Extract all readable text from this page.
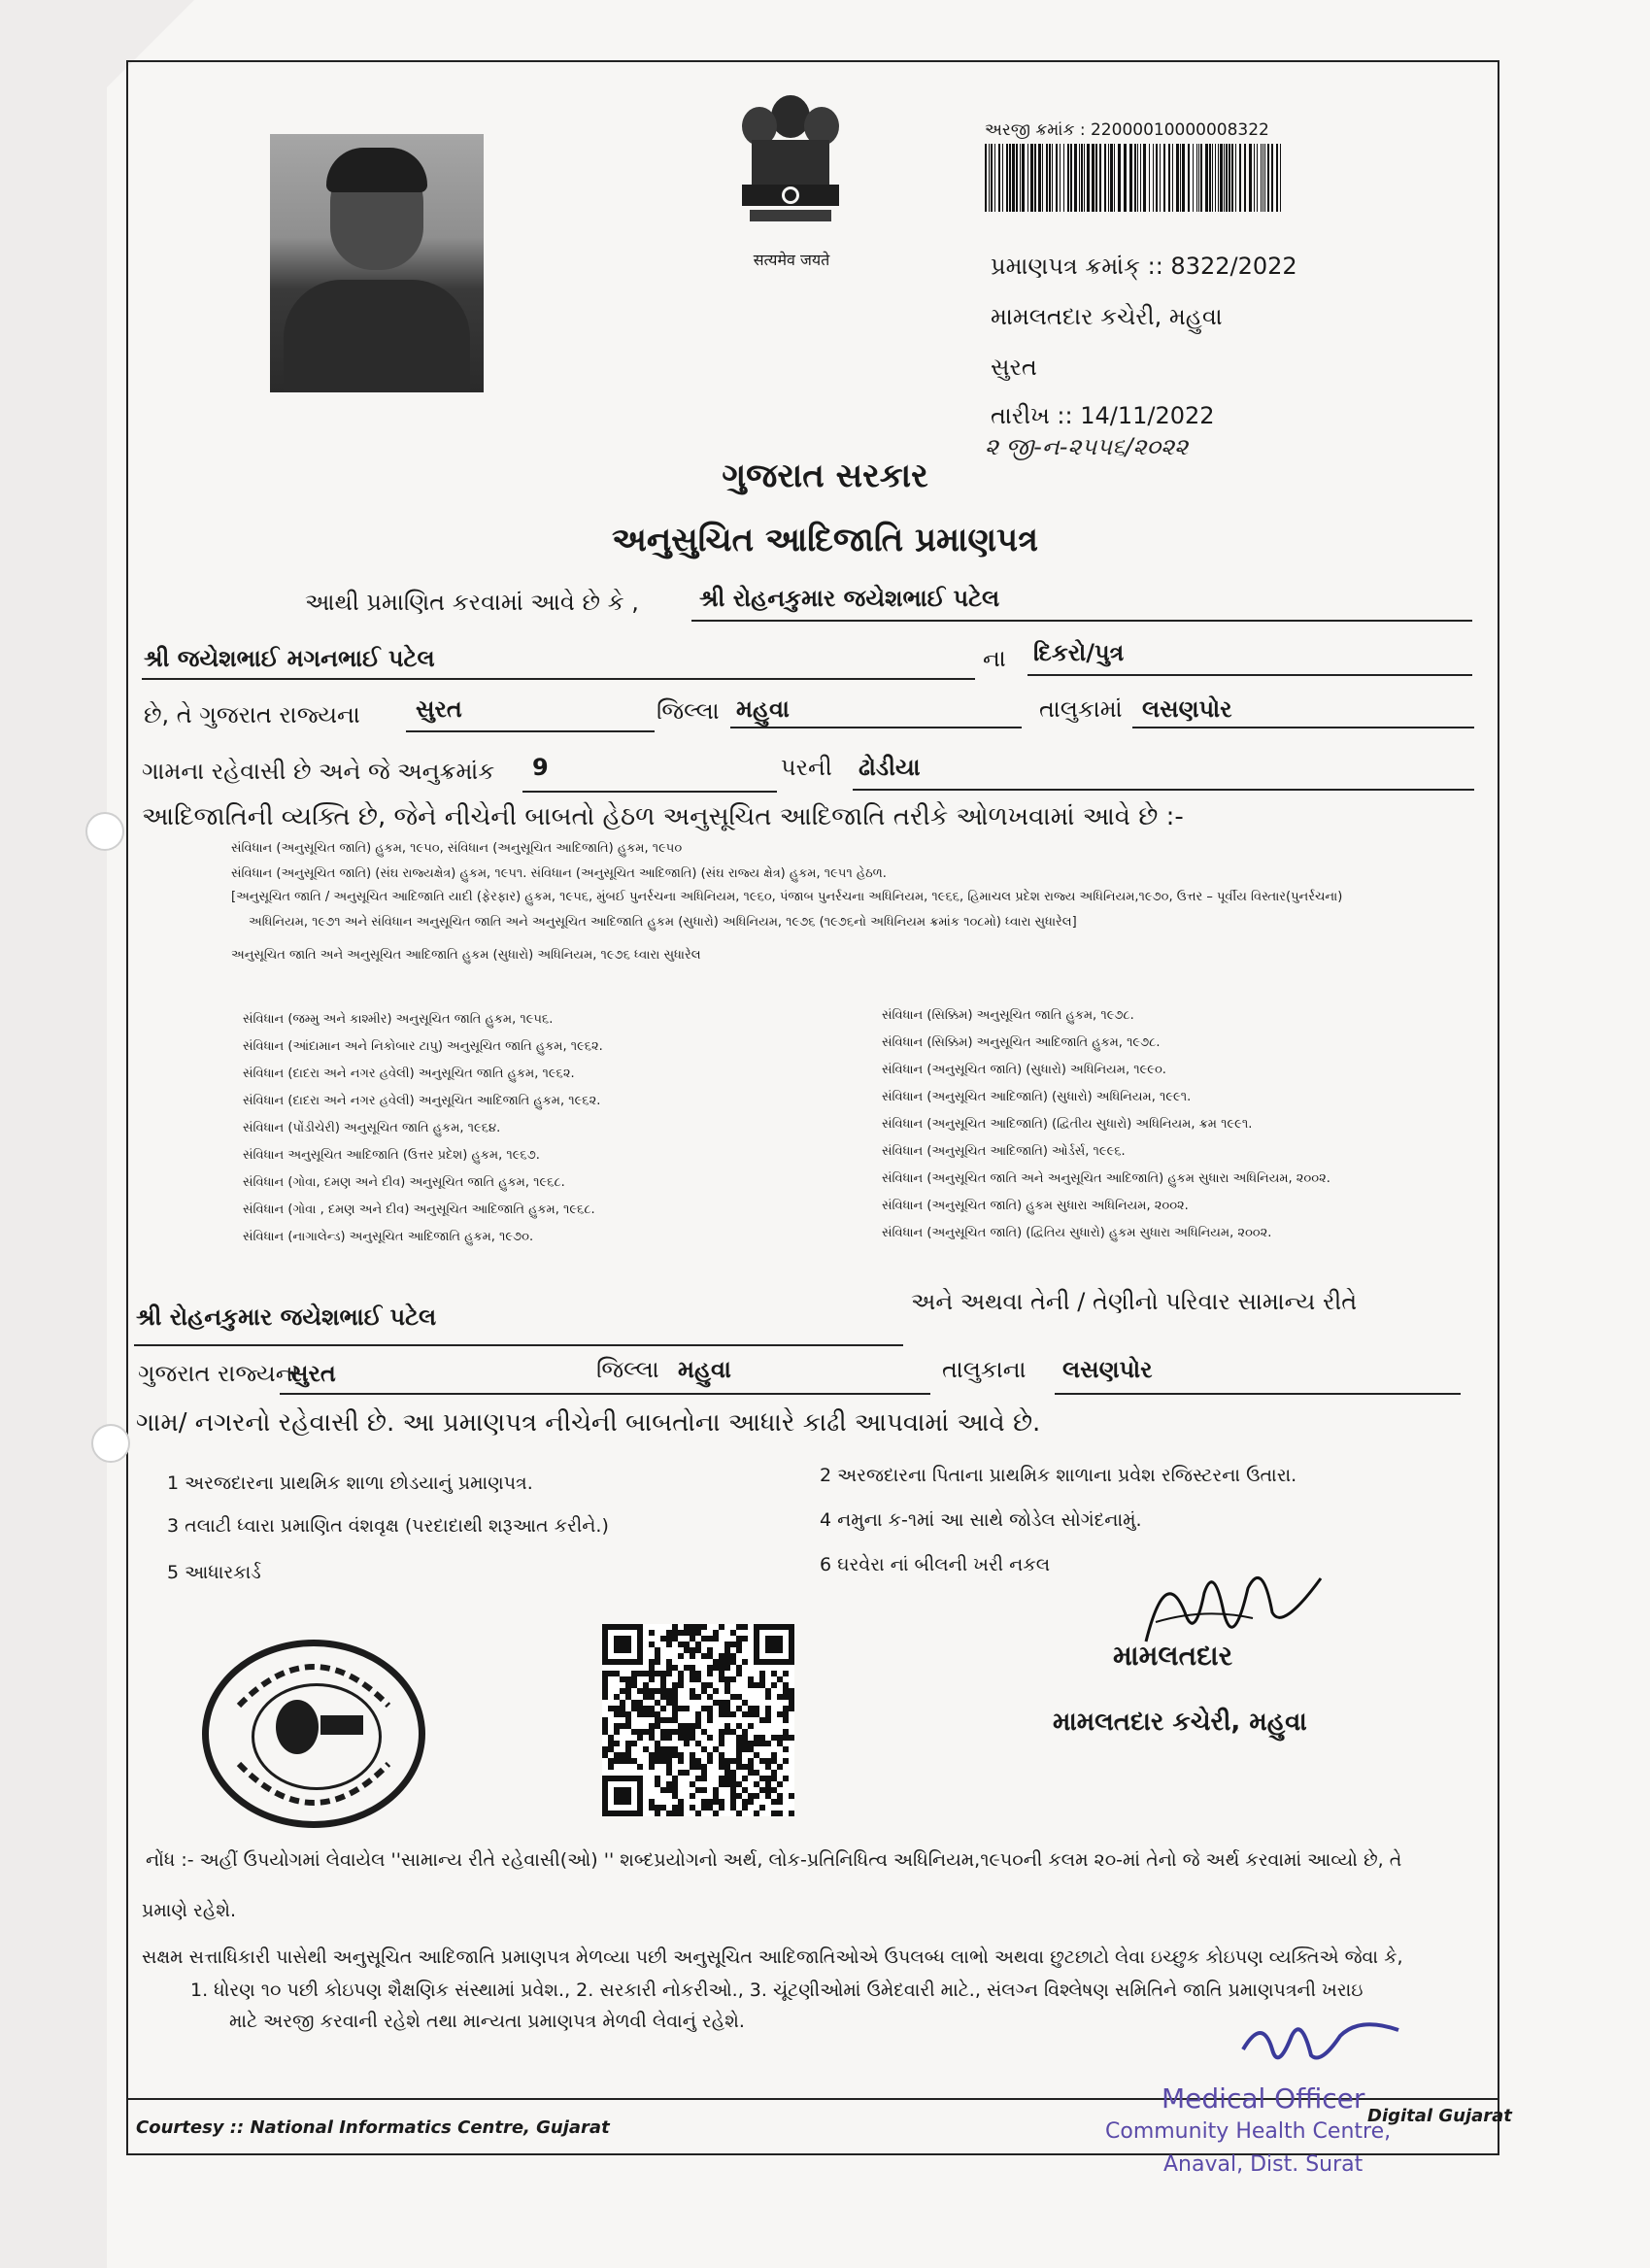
सत्यमेव जयते
અરજી ક્રમાંક : 22000010000008322
પ્રમાણપત્ર ક્રમાંક્ :: 8322/2022
મામલતદાર કચેરી, મહુવા
સુરત
તારીખ :: 14/11/2022
૨ જી-ન-૨૫૫૬/૨૦૨૨
ગુજરાત સરકાર
અનુસુચિત આદિજાતિ પ્રમાણપત્ર
આથી પ્રમાણિત કરવામાં આવે છે કે ,	શ્રી રોહનકુમાર જયેશભાઈ પટેલ
શ્રી જયેશભાઈ મગનભાઈ પટેલ	ના દિકરો/પુત્ર
છે, તે ગુજરાત રાજ્યના સુરત	જિલ્લા મહુવા	તાલુકામાં લસણપોર
ગામના રહેવાસી છે અને જે અનુક્રમાંક 9	પરની ઢોડીયા
આદિજાતિની વ્યક્તિ છે, જેને નીચેની બાબતો હેઠળ અનુસૂચિત આદિજાતિ તરીકે ઓળખવામાં આવે છે :-
સંવિધાન (અનુસૂચિત જાતિ) હુકમ, ૧૯૫૦, સંવિધાન (અનુસૂચિત આદિજાતિ) હુકમ, ૧૯૫૦
સંવિધાન (અનુસૂચિત જાતિ) (સંઘ રાજ્યક્ષેત્ર) હુકમ, ૧૯૫૧. સંવિધાન (અનુસૂચિત આદિજાતિ) (સંઘ રાજ્ય ક્ષેત્ર) હુકમ, ૧૯૫૧ હેઠળ.
[અનુસૂચિત જાતિ / અનુસૂચિત આદિજાતિ યાદી (ફેરફાર) હુકમ, ૧૯૫૬, મુંબઈ પુનર્રચના અધિનિયમ, ૧૯૬૦, પંજાબ પુનર્રચના અધિનિયમ, ૧૯૬૬, હિમાચલ પ્રદેશ રાજ્ય અધિનિયમ,૧૯૭૦, ઉત્તર – પૂર્વીય વિસ્તાર(પુનર્રચના)
અધિનિયમ, ૧૯૭૧ અને સંવિધાન અનુસૂચિત જાતિ અને અનુસૂચિત આદિજાતિ હુકમ (સુધારો) અધિનિયમ, ૧૯૭૬ (૧૯૭૬નો અધિનિયમ ક્રમાંક ૧૦૮મો) ધ્વારા સુધારેલ]
અનુસૂચિત જાતિ અને અનુસૂચિત આદિજાતિ હુકમ (સુધારો) અધિનિયમ, ૧૯૭૬ ધ્વારા સુધારેલ
સંવિધાન (જમ્મુ અને કાશ્મીર) અનુસૂચિત જાતિ હુકમ, ૧૯૫૬.
સંવિધાન (આંદામાન અને નિકોબાર ટાપુ) અનુસૂચિત જાતિ હુકમ, ૧૯૬૨.
સંવિધાન (દાદરા અને નગર હવેલી) અનુસૂચિત જાતિ હુકમ, ૧૯૬૨.
સંવિધાન (દાદરા અને નગર હવેલી) અનુસૂચિત આદિજાતિ હુકમ, ૧૯૬૨.
સંવિધાન (પોંડીચેરી) અનુસૂચિત જાતિ હુકમ, ૧૯૬૪.
સંવિધાન અનુસૂચિત આદિજાતિ (ઉત્તર પ્રદેશ) હુકમ, ૧૯૬૭.
સંવિધાન (ગોવા, દમણ અને દીવ) અનુસૂચિત જાતિ હુકમ, ૧૯૬૮.
સંવિધાન (ગોવા , દમણ અને દીવ) અનુસૂચિત આદિજાતિ હુકમ, ૧૯૬૮.
સંવિધાન (નાગાલેન્ડ) અનુસૂચિત આદિજાતિ હુકમ, ૧૯૭૦.
સંવિધાન (સિક્કિમ) અનુસૂચિત જાતિ હુકમ, ૧૯૭૮.
સંવિધાન (સિક્કિમ) અનુસૂચિત આદિજાતિ હુકમ, ૧૯૭૮.
સંવિધાન (અનુસૂચિત જાતિ) (સુધારો) અધિનિયમ, ૧૯૯૦.
સંવિધાન (અનુસૂચિત આદિજાતિ) (સુધારો) અધિનિયમ, ૧૯૯૧.
સંવિધાન (અનુસૂચિત આદિજાતિ) (દ્વિતીય સુધારો) અધિનિયમ, ક્રમ ૧૯૯૧.
સંવિધાન (અનુસૂચિત આદિજાતિ) ઓર્ડર્સ, ૧૯૯૬.
સંવિધાન (અનુસૂચિત જાતિ અને અનુસૂચિત આદિજાતિ) હુકમ સુધારા અધિનિયમ, ૨૦૦૨.
સંવિધાન (અનુસૂચિત જાતિ) હુકમ સુધારા અધિનિયમ, ૨૦૦૨.
સંવિધાન (અનુસૂચિત જાતિ) (દ્વિતિય સુધારો) હુકમ સુધારા અધિનિયમ, ૨૦૦૨.
શ્રી રોહનકુમાર જયેશભાઈ પટેલ
અને અથવા તેની / તેણીનો પરિવાર સામાન્ય રીતે
ગુજરાત રાજ્યના
સુરત	જિલ્લા મહુવા	તાલુકાના લસણપોર
ગામ/ નગરનો રહેવાસી છે. આ પ્રમાણપત્ર નીચેની બાબતોના આધારે કાઢી આપવામાં આવે છે.
1 અરજદારના પ્રાથમિક શાળા છોડયાનું પ્રમાણપત્ર.	2 અરજદારના પિતાના પ્રાથમિક શાળાના પ્રવેશ રજિસ્ટરના ઉતારા.
3 તલાટી ધ્વારા પ્રમાણિત વંશવૃક્ષ (પરદાદાથી શરૂઆત કરીને.)	4 નમુના ક-૧માં આ સાથે જોડેલ સોગંદનામું.
5 આધારકાર્ડ	6 ઘરવેરા નાં બીલની ખરી નકલ
મામલતદાર
મામલતદાર કચેરી, મહુવા
નોંધ :- અહીં ઉપયોગમાં લેવાયેલ ''સામાન્ય રીતે રહેવાસી(ઓ) '' શબ્દપ્રયોગનો અર્થ, લોક-પ્રતિનિધિત્વ અધિનિયમ,૧૯૫૦ની કલમ ૨૦-માં તેનો જે અર્થ કરવામાં આવ્યો છે, તે
પ્રમાણે રહેશે.
સક્ષમ સત્તાધિકારી પાસેથી અનુસૂચિત આદિજાતિ પ્રમાણપત્ર મેળવ્યા પછી અનુસૂચિત આદિજાતિઓએ ઉપલબ્ધ લાભો અથવા છુટછાટો લેવા ઇચ્છુક કોઇપણ વ્યક્તિએ જેવા કે,
1. ધોરણ ૧૦ પછી કોઇપણ શૈક્ષણિક સંસ્થામાં પ્રવેશ., 2. સરકારી નોકરીઓ., 3. ચૂંટણીઓમાં ઉમેદવારી માટે., સંલગ્ન વિશ્લેષણ સમિતિને જાતિ પ્રમાણપત્રની ખરાઇ
માટે અરજી કરવાની રહેશે તથા માન્યતા પ્રમાણપત્ર મેળવી લેવાનું રહેશે.
Courtesy :: National Informatics Centre, Gujarat
Digital Gujarat
Medical Officer
Community Health Centre,
Anaval, Dist. Surat
